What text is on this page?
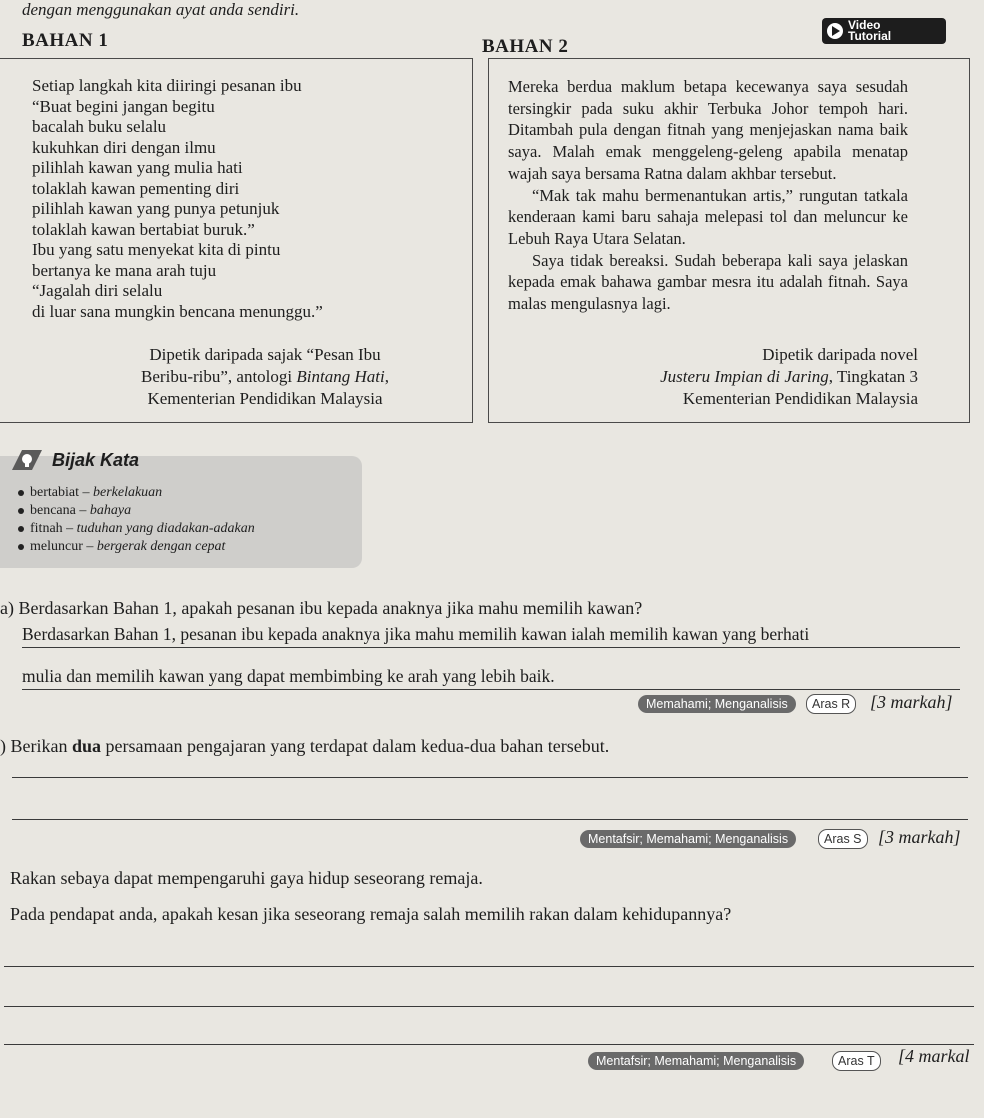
dengan menggunakan ayat anda sendiri.
Video
Tutorial
BAHAN 1
Setiap langkah kita diiringi pesanan ibu
“Buat begini jangan begitu
bacalah buku selalu
kukuhkan diri dengan ilmu
pilihlah kawan yang mulia hati
tolaklah kawan pementing diri
pilihlah kawan yang punya petunjuk
tolaklah kawan bertabiat buruk.”
Ibu yang satu menyekat kita di pintu
bertanya ke mana arah tuju
“Jagalah diri selalu
di luar sana mungkin bencana menunggu.”
Dipetik daripada sajak “Pesan Ibu
Beribu-ribu”, antologi Bintang Hati,
Kementerian Pendidikan Malaysia
BAHAN 2

Mereka berdua maklum betapa kecewanya saya sesudah tersingkir pada suku akhir Terbuka Johor tempoh hari. Ditambah pula dengan fitnah yang menjejaskan nama baik saya. Malah emak menggeleng-geleng apabila menatap wajah saya bersama Ratna dalam akhbar tersebut.

“Mak tak mahu bermenantukan artis,” rungutan tatkala kenderaan kami baru sahaja melepasi tol dan meluncur ke Lebuh Raya Utara Selatan.

Saya tidak bereaksi. Sudah beberapa kali saya jelaskan kepada emak bahawa gambar mesra itu adalah fitnah. Saya malas mengulasnya lagi.

Dipetik daripada novel
Justeru Impian di Jaring, Tingkatan 3
Kementerian Pendidikan Malaysia
bertabiat – berkelakuan
bencana – bahaya
fitnah – tuduhan yang diadakan-adakan
meluncur – bergerak dengan cepat
Bijak Kata
a) Berdasarkan Bahan 1, apakah pesanan ibu kepada anaknya jika mahu memilih kawan?
Berdasarkan Bahan 1, pesanan ibu kepada anaknya jika mahu memilih kawan ialah memilih kawan yang berhati
mulia dan memilih kawan yang dapat membimbing ke arah yang lebih baik.
Memahami; Menganalisis	Aras R	[3 markah]
) Berikan dua persamaan pengajaran yang terdapat dalam kedua-dua bahan tersebut.
Mentafsir; Memahami; Menganalisis	Aras S [3 markah]
Rakan sebaya dapat mempengaruhi gaya hidup seseorang remaja.
Pada pendapat anda, apakah kesan jika seseorang remaja salah memilih rakan dalam kehidupannya?
Mentafsir; Memahami; Menganalisis	Aras T	[4 markal
